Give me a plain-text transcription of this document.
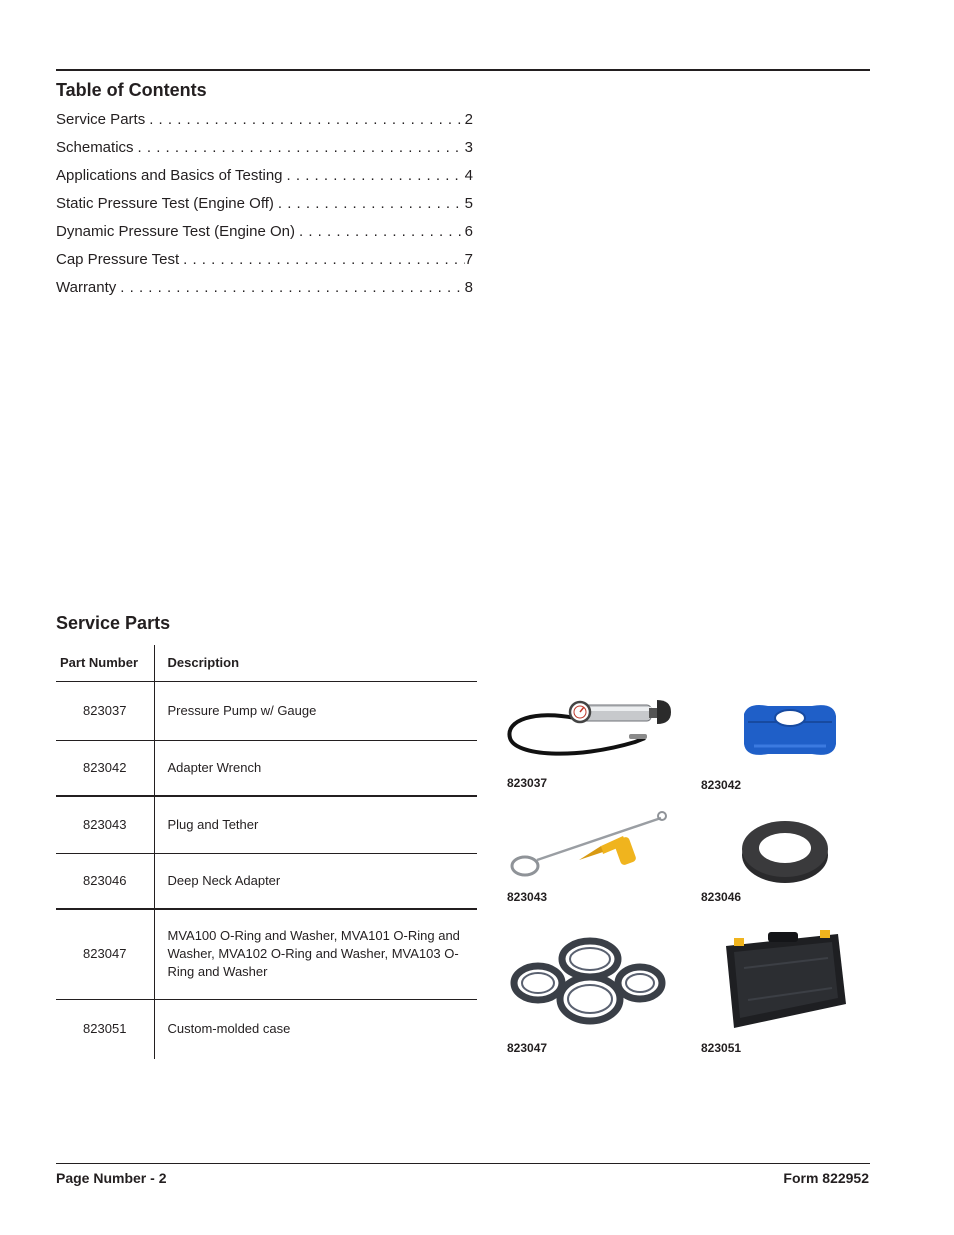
Table of Contents
Service Parts . . .	2
Schematics . . .	3
Applications and Basics of Testing . . .	4
Static Pressure Test (Engine Off) . . .	5
Dynamic Pressure Test (Engine On) . . .	6
Cap Pressure Test . . .	7
Warranty . . .	8
Service Parts
Part Number	Description
823037	Pressure Pump w/ Gauge
823042	Adapter Wrench
823043	Plug and Tether
823046	Deep Neck Adapter
823047	MVA100 O-Ring and Washer, MVA101 O-Ring and Washer, MVA102 O-Ring and Washer, MVA103 O-Ring and Washer
823051	Custom-molded case
823037	823042
823043	823046
823047	823051
Page Number - 2	Form 822952
